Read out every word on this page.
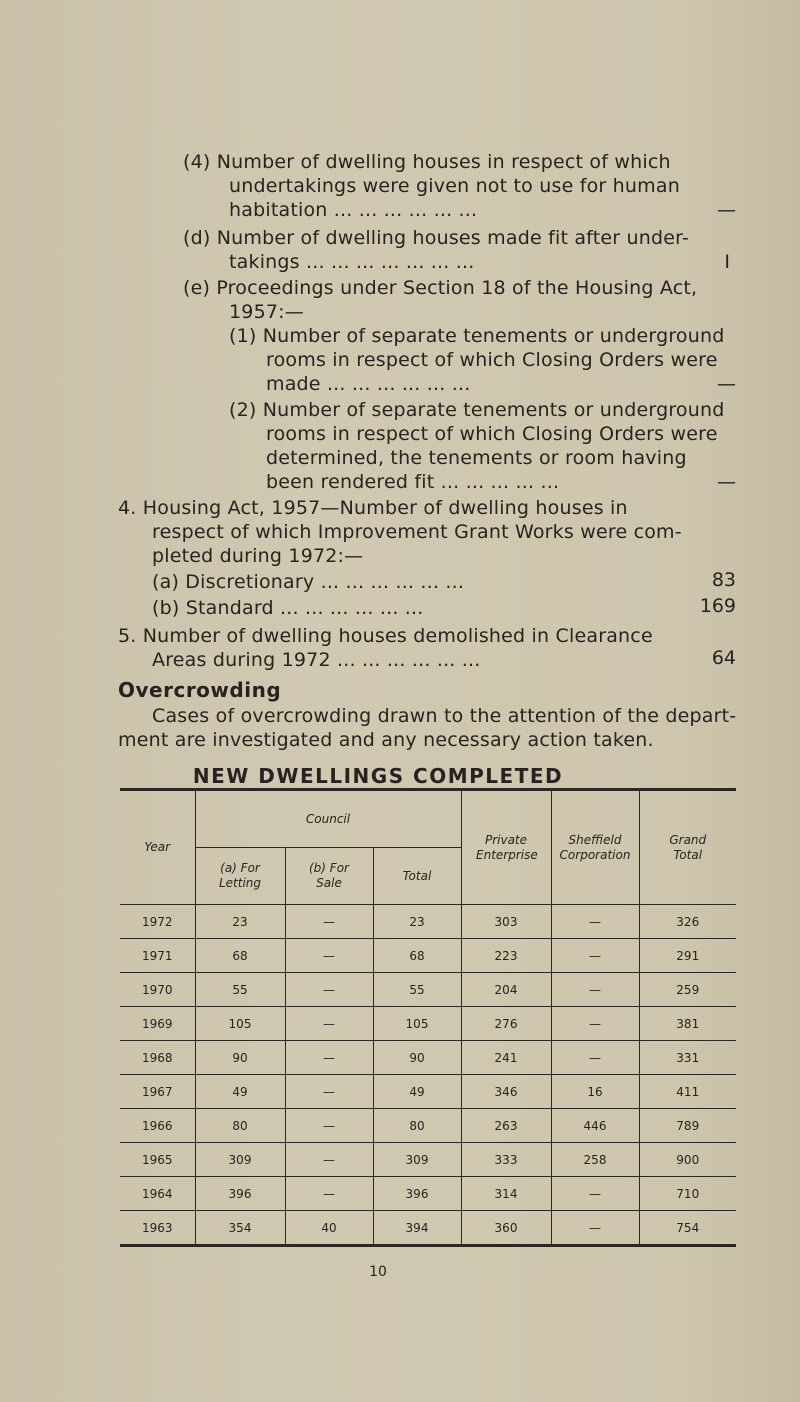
(4) Number of dwelling houses in respect of which
undertakings were given not to use for human
habitation ... ... ... ... ... ...	—
(d) Number of dwelling houses made fit after under-
takings ... ... ... ... ... ... ...	I
(e) Proceedings under Section 18 of the Housing Act,
1957:—
(1) Number of separate tenements or underground
rooms in respect of which Closing Orders were
made ... ... ... ... ... ...	—
(2) Number of separate tenements or underground
rooms in respect of which Closing Orders were
determined, the tenements or room having
been rendered fit ... ... ... ... ...	—
4. Housing Act, 1957—Number of dwelling houses in
respect of which Improvement Grant Works were com-
pleted during 1972:—
(a) Discretionary ... ... ... ... ... ...	83
(b) Standard ... ... ... ... ... ...	169
5. Number of dwelling houses demolished in Clearance
Areas during 1972 ... ... ... ... ... ...	64
Overcrowding
Cases of overcrowding drawn to the attention of the depart-
ment are investigated and any necessary action taken.
NEW DWELLINGS COMPLETED
Year	Council			Private Enterprise	Sheffield Corporation	Grand Total
	(a) For Letting	(b) For Sale	Total			
1972	23	—	23	303	—	326
1971	68	—	68	223	—	291
1970	55	—	55	204	—	259
1969	105	—	105	276	—	381
1968	90	—	90	241	—	331
1967	49	—	49	346	16	411
1966	80	—	80	263	446	789
1965	309	—	309	333	258	900
1964	396	—	396	314	—	710
1963	354	40	394	360	—	754
10
